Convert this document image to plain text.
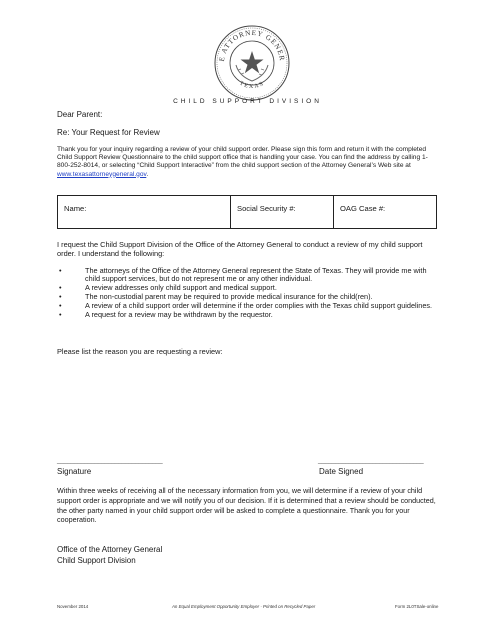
E ATTORNEY GENER
TEXAS
CHILD SUPPORT DIVISION
Dear Parent:
Re: Your Request for Review
Thank you for your inquiry regarding a review of your child support order. Please sign this form and return it with the completed Child Support Review Questionnaire to the child support office that is handling your case. You can find the address by calling 1-800-252-8014, or selecting “Child Support Interactive” from the child support section of the Attorney General’s Web site at www.texasattorneygeneral.gov.
Name:	Social Security #:	OAG Case #:
I request the Child Support Division of the Office of the Attorney General to conduct a review of my child support order. I understand the following:
•	The attorneys of the Office of the Attorney General represent the State of Texas. They will provide me with child support services, but do not represent me or any other individual.
•	A review addresses only child support and medical support.
•	The non-custodial parent may be required to provide medical insurance for the child(ren).
•	A review of a child support order will determine if the order complies with the Texas child support guidelines.
•	A request for a review may be withdrawn by the requestor.
Please list the reason you are requesting a review:
_______________________________	_______________________________
Signature	Date Signed
Within three weeks of receiving all of the necessary information from you, we will determine if a review of your child support order is appropriate and we will notify you of our decision. If it is determined that a review should be conducted, the other party named in your child support order will be asked to complete a questionnaire. Thank you for your cooperation.
Office of the Attorney General
Child Support Division
November 2014	An Equal Employment Opportunity Employer · Printed on Recycled Paper	Form 2L0TSale-online
